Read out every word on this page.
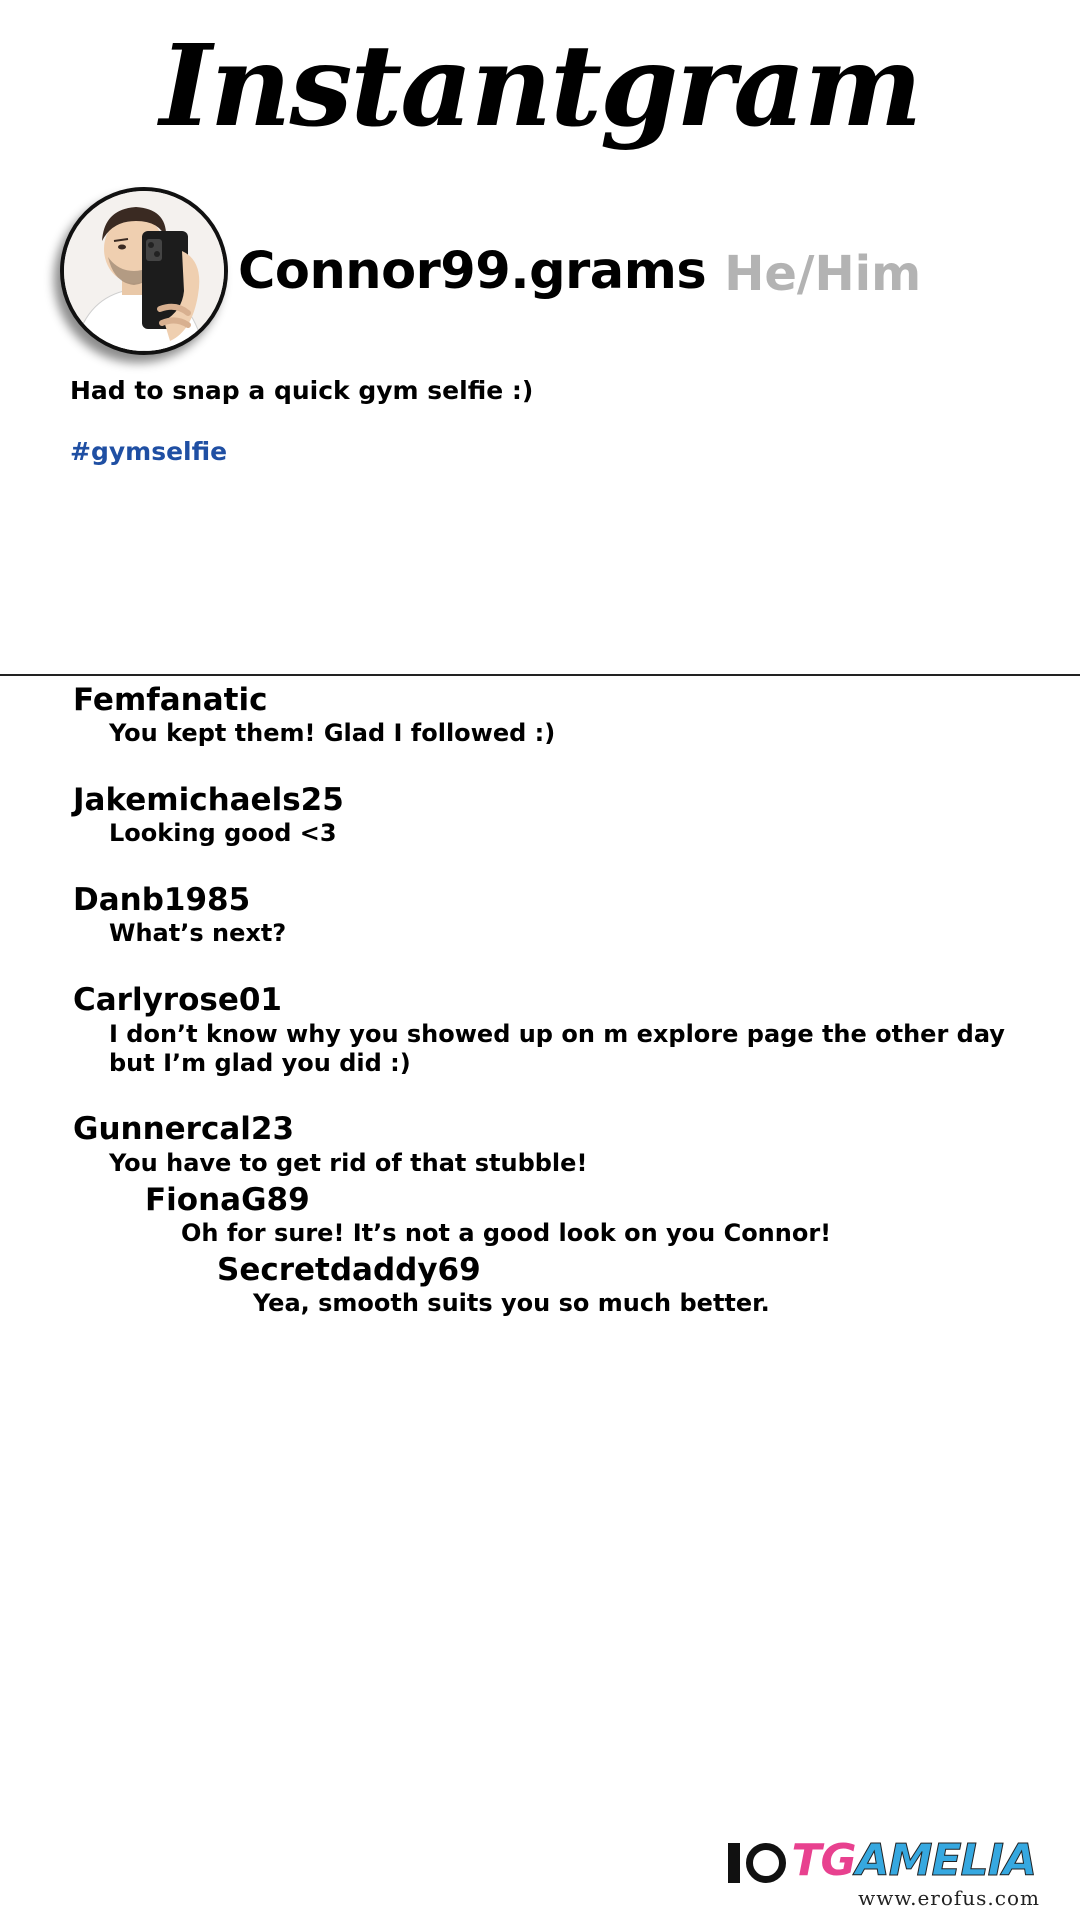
Instantgram
Connor99.grams He/Him
Had to snap a quick gym selfie :)
#gymselfie
Femfanatic
You kept them! Glad I followed :)
Jakemichaels25
Looking good <3
Danb1985
What’s next?
Carlyrose01
I don’t know why you showed up on m explore page the other day
but I’m glad you did :)
Gunnercal23
You have to get rid of that stubble!
FionaG89
Oh for sure! It’s not a good look on you Connor!
Secretdaddy69
Yea, smooth suits you so much better.
TGAMELIA
www.erofus.com
